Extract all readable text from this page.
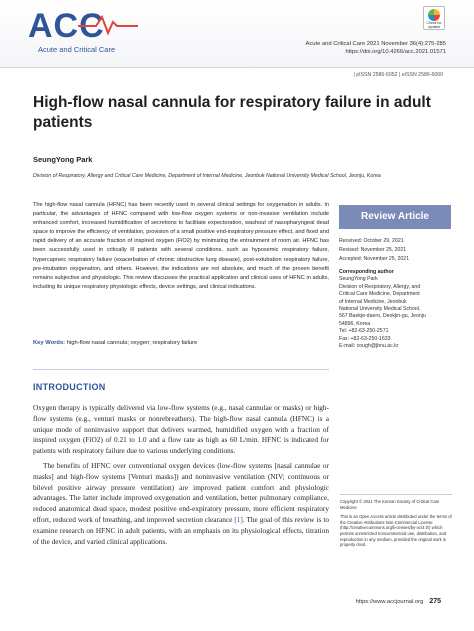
ACC
Acute and Critical Care
Check for updates
Acute and Critical Care 2021 November 36(4):275-285
https://doi.org/10.4266/acc.2021.01571
| pISSN 2586-6052 | eISSN 2586-6060
High-flow nasal cannula for respiratory failure in adult patients
SeungYong Park
Division of Respiratory, Allergy and Critical Care Medicine, Department of Internal Medicine, Jeonbuk National University Medical School, Jeonju, Korea
The high-flow nasal cannula (HFNC) has been recently used in several clinical settings for oxygenation in adults. In particular, the advantages of HFNC compared with low-flow oxygen systems or non-invasive ventilation include enhanced comfort, increased humidification of secretions to facilitate expectoration, washout of nasopharyngeal dead space to improve the efficiency of ventilation, provision of a small positive end-inspiratory pressure effect, and fixed and rapid delivery of an accurate fraction of inspired oxygen (FiO2) by minimizing the entrainment of room air. HFNC has been successfully used in critically ill patients with several conditions, such as hypoxemic respiratory failure, hypercapneic respiratory failure (exacerbation of chronic obstructive lung disease), post-extubation respiratory failure, pre-intubation oxygenation, and others. However, the indications are not absolute, and much of the proven benefit remains subjective and physiologic. This review discusses the practical application and clinical uses of HFNC in adults, including its unique respiratory physiologic effects, device settings, and clinical indications.
Key Words: high-flow nasal cannula; oxygen; respiratory failure
Review Article
Received: October 29, 2021
Revised: November 25, 2021
Accepted: November 25, 2021
Corresponding author
SeungYong Park
Division of Respiratory, Allergy, and
Critical Care Medicine, Department
of Internal Medicine, Jeonbuk
National University Medical School,
567 Baekje-daero, Deokjin-gu, Jeonju
54896, Korea
Tel: +82-63-250-2571
Fax: +82-63-250-1633
E-mail: cough@jbnu.ac.kr
INTRODUCTION

Oxygen therapy is typically delivered via low-flow systems (e.g., nasal cannulae or masks) or high-flow systems (e.g., venturi masks or nonrebreathers). The high-flow nasal cannula (HFNC) is a unique mode of noninvasive support that delivers warmed, humidified oxygen with a fraction of inspired oxygen (FiO2) of 0.21 to 1.0 and a flow rate as high as 60 L/min. HFNC is indicated for patients with respiratory failure due to various underlying conditions.

The benefits of HFNC over conventional oxygen devices (low-flow systems [nasal cannulae or masks] and high-flow systems [Venturi masks]) and noninvasive ventilation (NIV; continuous or bilevel positive airway pressure ventilation) are improved patient comfort and physiologic advantages. The latter include improved oxygenation and ventilation, better pulmonary compliance, reduced anatomical dead space, modest positive end-expiratory pressure, more efficient respiratory effort, reduced work of breathing, and improved secretion clearance [1]. The goal of this review is to examine research on HFNC in adult patients, with an emphasis on its physiological effects, titration of the device, and varied clinical applications.

Copyright © 2021 The Korean Society of Critical Care Medicine
This is an Open Access article distributed under the terms of the Creative Attributions Non-Commercial License (http://creativecommons.org/li-censes/by-nc/4.0/) which permits unrestricted noncommercial use, distribution, and reproduction in any medium, provided the original work is properly cited.
https://www.accjournal.org 275
